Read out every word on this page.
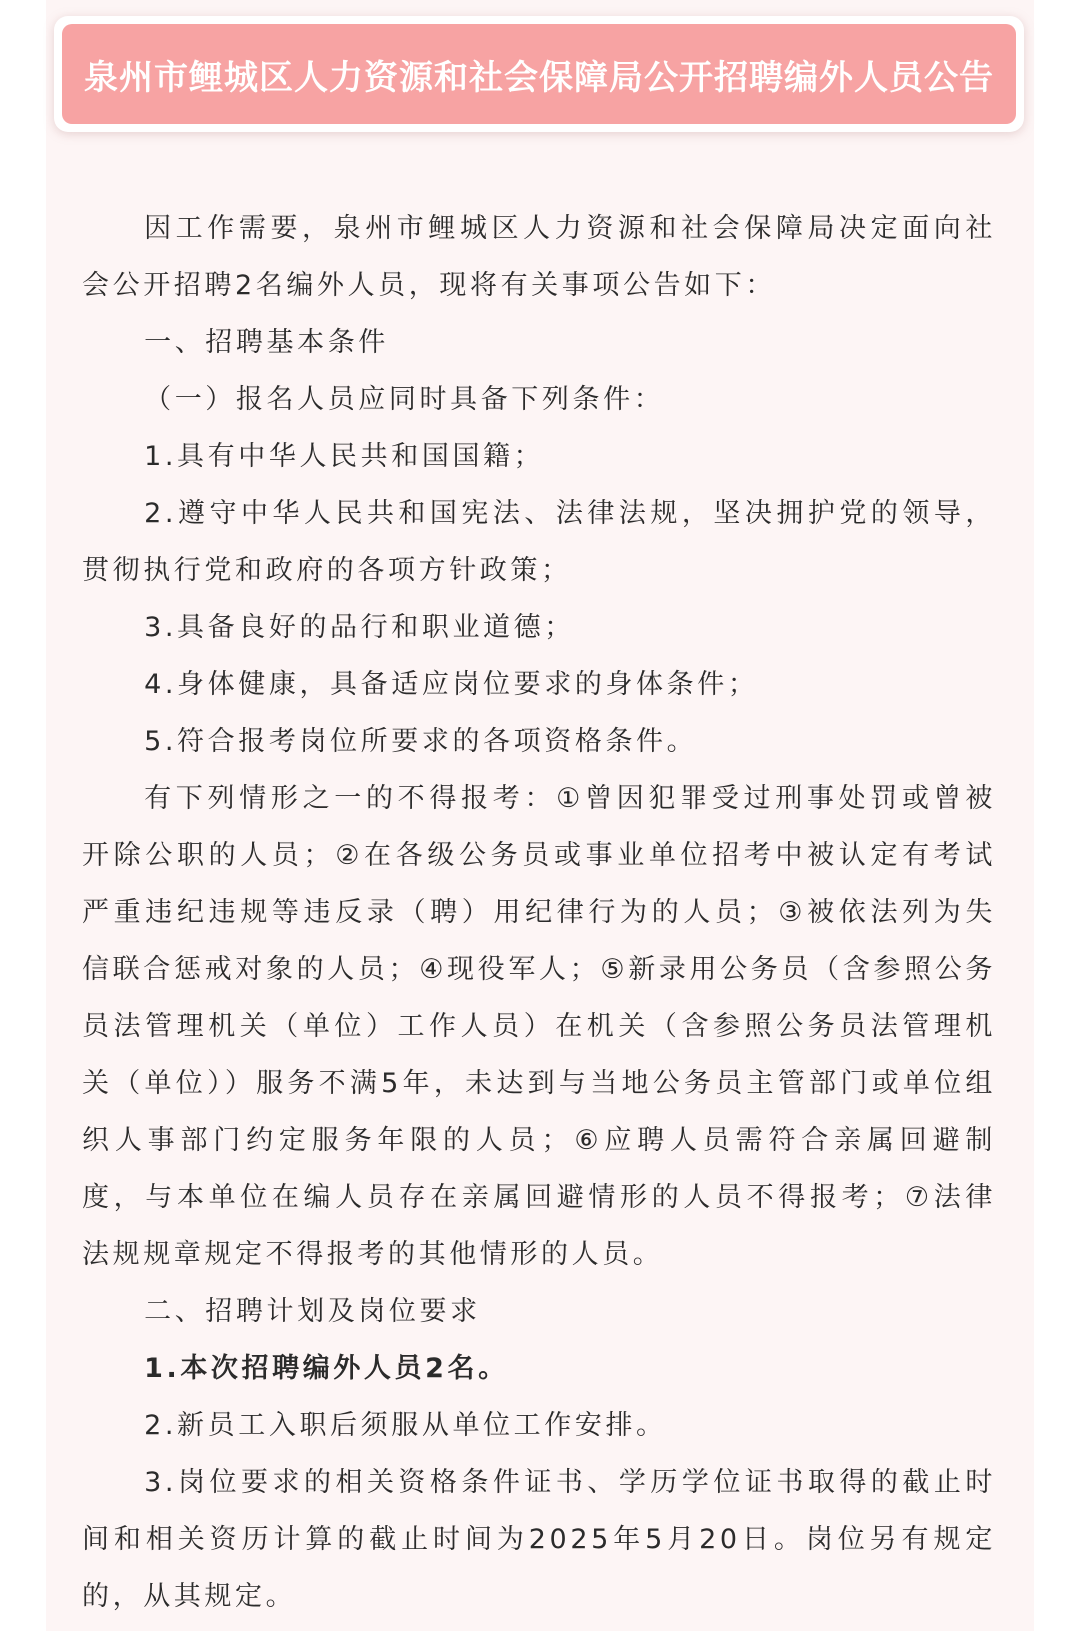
泉州市鲤城区人力资源和社会保障局公开招聘编外人员公告

因工作需要，泉州市鲤城区人力资源和社会保障局决定面向社会公开招聘2名编外人员，现将有关事项公告如下：

一、招聘基本条件

（一）报名人员应同时具备下列条件：

1.具有中华人民共和国国籍；

2.遵守中华人民共和国宪法、法律法规，坚决拥护党的领导，贯彻执行党和政府的各项方针政策；

3.具备良好的品行和职业道德；

4.身体健康，具备适应岗位要求的身体条件；

5.符合报考岗位所要求的各项资格条件。

有下列情形之一的不得报考：①曾因犯罪受过刑事处罚或曾被开除公职的人员；②在各级公务员或事业单位招考中被认定有考试严重违纪违规等违反录（聘）用纪律行为的人员；③被依法列为失信联合惩戒对象的人员；④现役军人；⑤新录用公务员（含参照公务员法管理机关（单位）工作人员）在机关（含参照公务员法管理机关（单位））服务不满5年，未达到与当地公务员主管部门或单位组织人事部门约定服务年限的人员；⑥应聘人员需符合亲属回避制度，与本单位在编人员存在亲属回避情形的人员不得报考；⑦法律法规规章规定不得报考的其他情形的人员。

二、招聘计划及岗位要求

1.本次招聘编外人员2名。

2.新员工入职后须服从单位工作安排。

3.岗位要求的相关资格条件证书、学历学位证书取得的截止时间和相关资历计算的截止时间为2025年5月20日。岗位另有规定的，从其规定。
